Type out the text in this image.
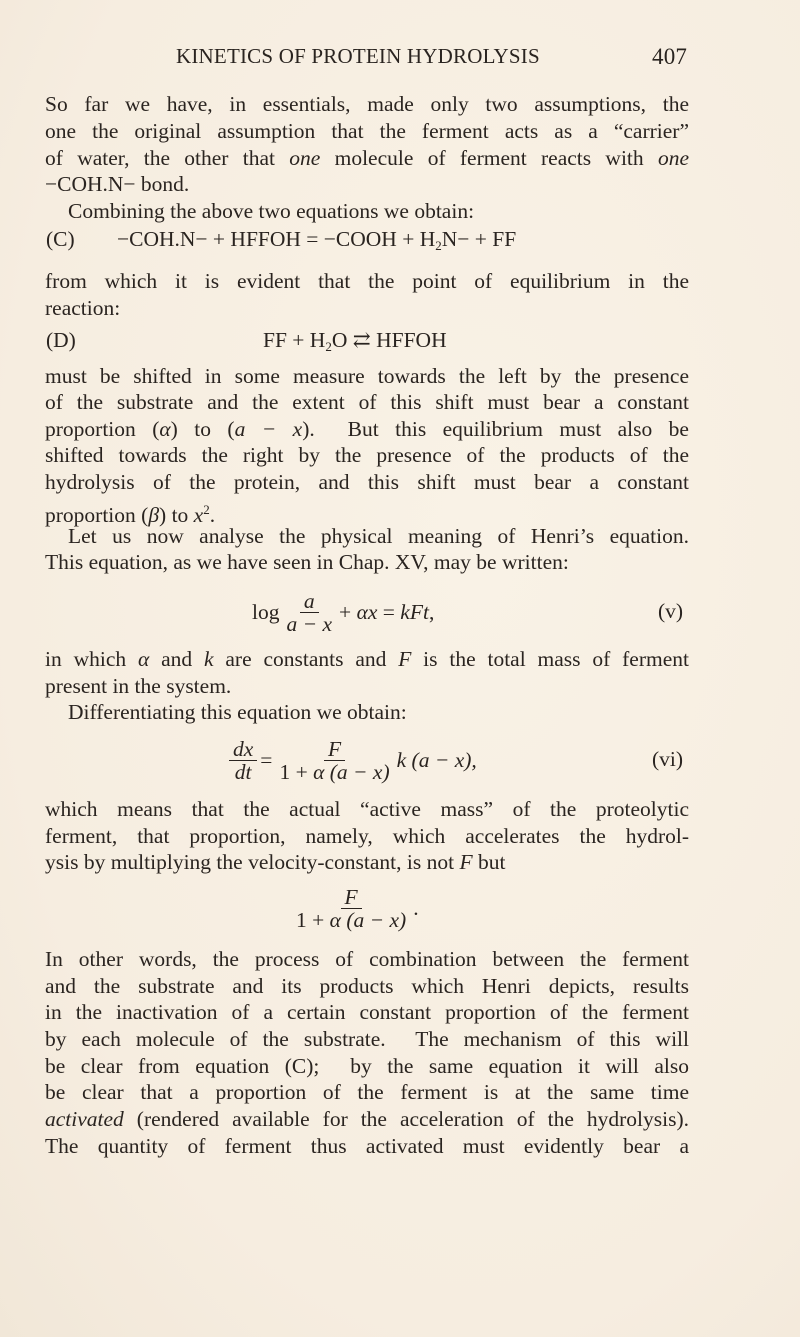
KINETICS OF PROTEIN HYDROLYSIS	407
So far we have, in essentials, made only two assumptions, the
one the original assumption that the ferment acts as a “carrier”
of water, the other that one molecule of ferment reacts with one
−COH.N− bond.
Combining the above two equations we obtain:
from which it is evident that the point of equilibrium in the
reaction:
must be shifted in some measure towards the left by the presence
of the substrate and the extent of this shift must bear a constant
proportion (α) to (a − x).  But this equilibrium must also be
shifted towards the right by the presence of the products of the
hydrolysis of the protein, and this shift must bear a constant
proportion (β) to $x^2$.
Let us now analyse the physical meaning of Henri’s equation.
This equation, as we have seen in Chap. XV, may be written:
in which α and k are constants and F is the total mass of ferment
present in the system.
Differentiating this equation we obtain:
which means that the actual “active mass” of the proteolytic
ferment, that proportion, namely, which accelerates the hydrol-
ysis by multiplying the velocity-constant, is not F but
In other words, the process of combination between the ferment
and the substrate and its products which Henri depicts, results
in the inactivation of a certain constant proportion of the ferment
by each molecule of the substrate.  The mechanism of this will
be clear from equation (C);  by the same equation it will also
be clear that a proportion of the ferment is at the same time
activated (rendered available for the acceleration of the hydrolysis).
The quantity of ferment thus activated must evidently bear a
(C) −COH.N− + HFFOH = −COOH + $H_2N-$ + FF
(D)	FF + $H_2O$ ⇄ HFFOH
$\log \frac{a}{a - x} + \alpha x$ = kFt ,	(v)
$\frac{dx}{dt} = \frac{F}{1 + \alpha (a - x)}$ k (a − x),	(vi)
$\frac{F}{1 + \alpha (a - x)}$ .
